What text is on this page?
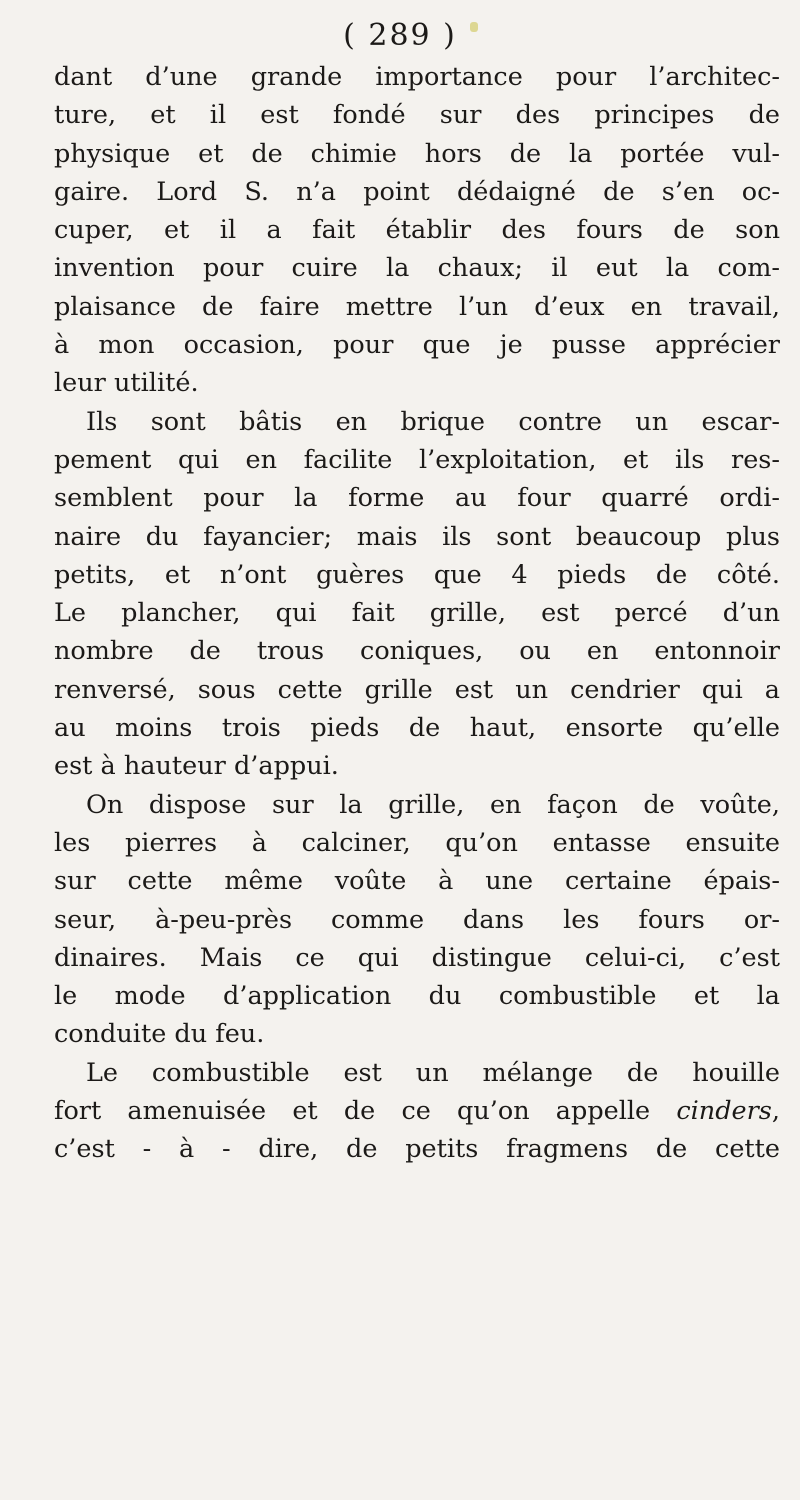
( 289 )

dant d’une grande importance pour l’architec-
ture, et il est fondé sur des principes de
physique et de chimie hors de la portée vul-
gaire. Lord S. n’a point dédaigné de s’en oc-
cuper, et il a fait établir des fours de son
invention pour cuire la chaux; il eut la com-
plaisance de faire mettre l’un d’eux en travail,
à mon occasion, pour que je pusse apprécier
leur utilité.
Ils sont bâtis en brique contre un escar-
pement qui en facilite l’exploitation, et ils res-
semblent pour la forme au four quarré ordi-
naire du fayancier; mais ils sont beaucoup plus
petits, et n’ont guères que 4 pieds de côté.
Le plancher, qui fait grille, est percé d’un
nombre de trous coniques, ou en entonnoir
renversé, sous cette grille est un cendrier qui a
au moins trois pieds de haut, ensorte qu’elle
est à hauteur d’appui.
On dispose sur la grille, en façon de voûte,
les pierres à calciner, qu’on entasse ensuite
sur cette même voûte à une certaine épais-
seur, à-peu-près comme dans les fours or-
dinaires. Mais ce qui distingue celui-ci, c’est
le mode d’application du combustible et la
conduite du feu.
Le combustible est un mélange de houille
fort amenuisée et de ce qu’on appelle cinders,
c’est - à - dire, de petits fragmens de cette
